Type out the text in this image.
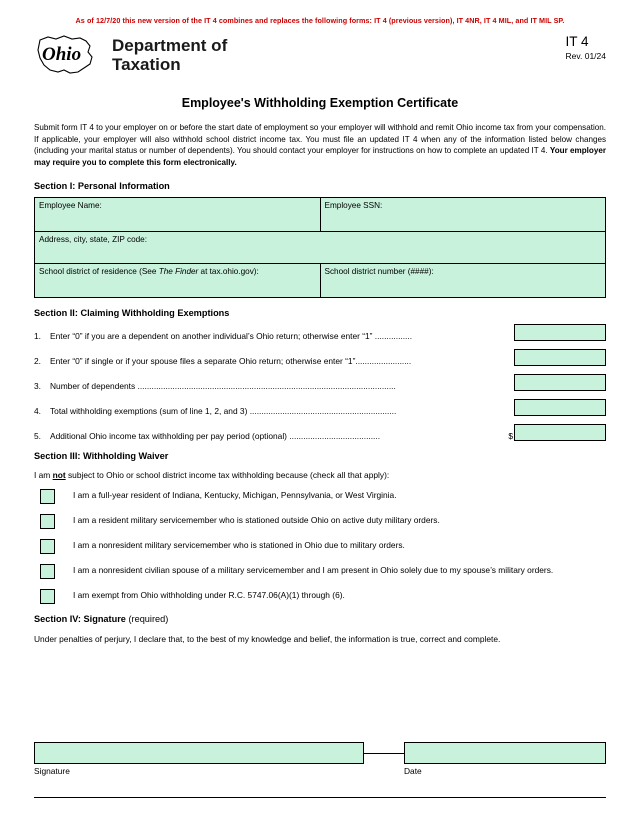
As of 12/7/20 this new version of the IT 4 combines and replaces the following forms: IT 4 (previous version), IT 4NR, IT 4 MIL, and IT MIL SP.
Ohio Department of
Taxation
IT 4
Rev. 01/24
Employee's Withholding Exemption Certificate
Submit form IT 4 to your employer on or before the start date of employment so your employer will withhold and remit Ohio income tax from your compensation. If applicable, your employer will also withhold school district income tax. You must file an updated IT 4 when any of the information listed below changes (including your marital status or number of dependents). You should contact your employer for instructions on how to complete an updated IT 4. Your employer may require you to complete this form electronically.
Section I: Personal Information
Employee Name:	Employee SSN:

Address, city, state, ZIP code:	

School district of residence (See The Finder at tax.ohio.gov):	School district number (####):
Section II: Claiming Withholding Exemptions
1.	Enter “0” if you are a dependent on another individual’s Ohio return; otherwise enter “1” ................
2.	Enter “0” if single or if your spouse files a separate Ohio return; otherwise enter “1”........................
3.	Number of dependents ...............................................................................................................
4.	Total withholding exemptions (sum of line 1, 2, and 3) ...............................................................
5.	Additional Ohio income tax withholding per pay period (optional) .......................................	$
Section III: Withholding Waiver
I am not subject to Ohio or school district income tax withholding because (check all that apply):
I am a full-year resident of Indiana, Kentucky, Michigan, Pennsylvania, or West Virginia.
I am a resident military servicemember who is stationed outside Ohio on active duty military orders.
I am a nonresident military servicemember who is stationed in Ohio due to military orders.
I am a nonresident civilian spouse of a military servicemember and I am present in Ohio solely due to my spouse’s military orders.
I am exempt from Ohio withholding under R.C. 5747.06(A)(1) through (6).
Section IV: Signature (required)
Under penalties of perjury, I declare that, to the best of my knowledge and belief, the information is true, correct and complete.
Signature	Date
